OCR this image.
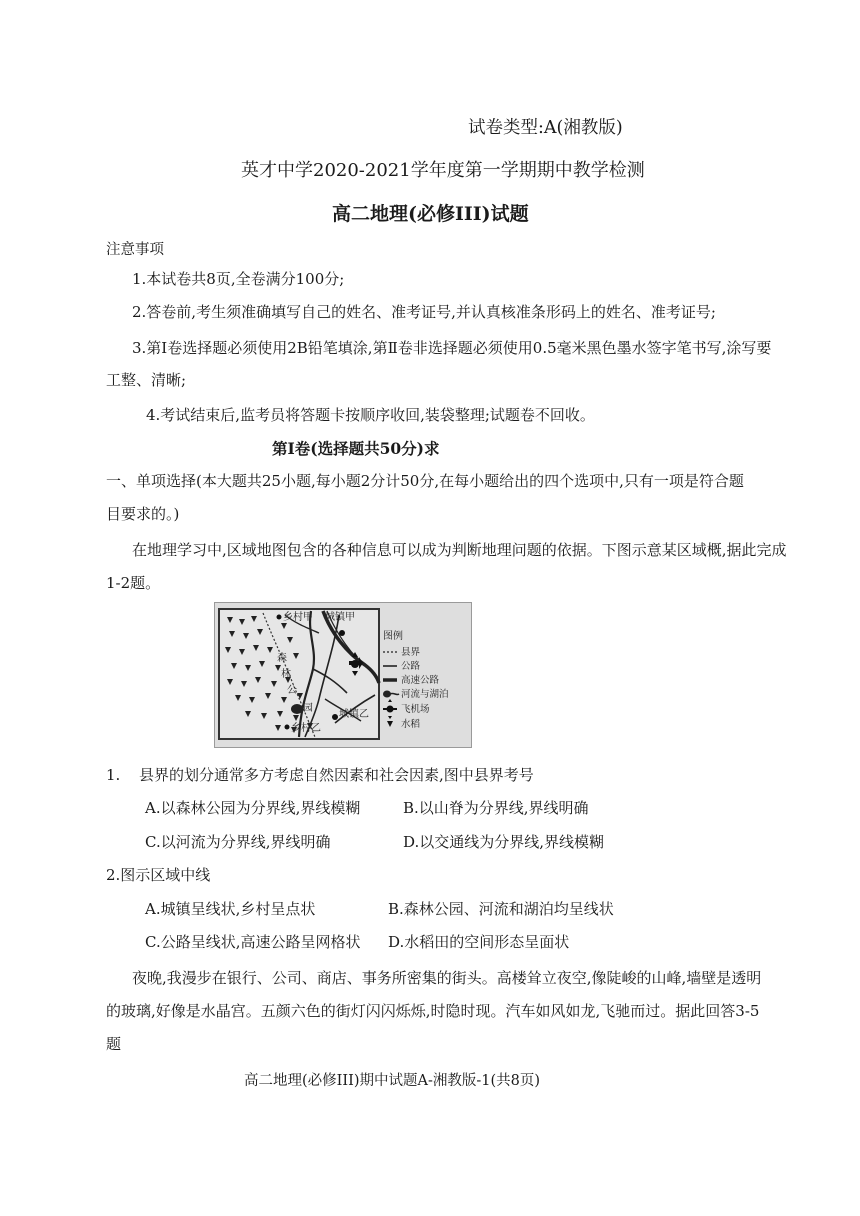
试卷类型:A(湘教版)
英才中学2020-2021学年度第一学期期中教学检测
高二地理(必修III)试题
注意事项
1.本试卷共8页,全卷满分100分;
2.答卷前,考生须准确填写自己的姓名、准考证号,并认真核准条形码上的姓名、准考证号;
3.第Ⅰ卷选择题必须使用2B铅笔填涂,第Ⅱ卷非选择题必须使用0.5毫米黑色墨水签字笔书写,涂写要
工整、清晰;
4.考试结束后,监考员将答题卡按顺序收回,装袋整理;试题卷不回收。
第Ⅰ卷(选择题共50分)求
一、单项选择(本大题共25小题,每小题2分计50分,在每小题给出的四个选项中,只有一项是符合题
目要求的。)
在地理学习中,区域地图包含的各种信息可以成为判断地理问题的依据。下图示意某区域概,据此完成
1-2题。
乡村甲 城镇甲
森
林
公
园
城镇乙
乡村乙
图例
县界
公路
高速公路
河流与湖泊
飞机场
水稻
1. 县界的划分通常多方考虑自然因素和社会因素,图中县界考号
A.以森林公园为分界线,界线模糊	B.以山脊为分界线,界线明确
C.以河流为分界线,界线明确	D.以交通线为分界线,界线模糊
2.图示区域中线
A.城镇呈线状,乡村呈点状	B.森林公园、河流和湖泊均呈线状
C.公路呈线状,高速公路呈网格状 D.水稻田的空间形态呈面状
夜晚,我漫步在银行、公司、商店、事务所密集的街头。高楼耸立夜空,像陡峻的山峰,墙壁是透明
的玻璃,好像是水晶宫。五颜六色的街灯闪闪烁烁,时隐时现。汽车如风如龙,飞驰而过。据此回答3-5
题
高二地理(必修III)期中试题A-湘教版-1(共8页)
